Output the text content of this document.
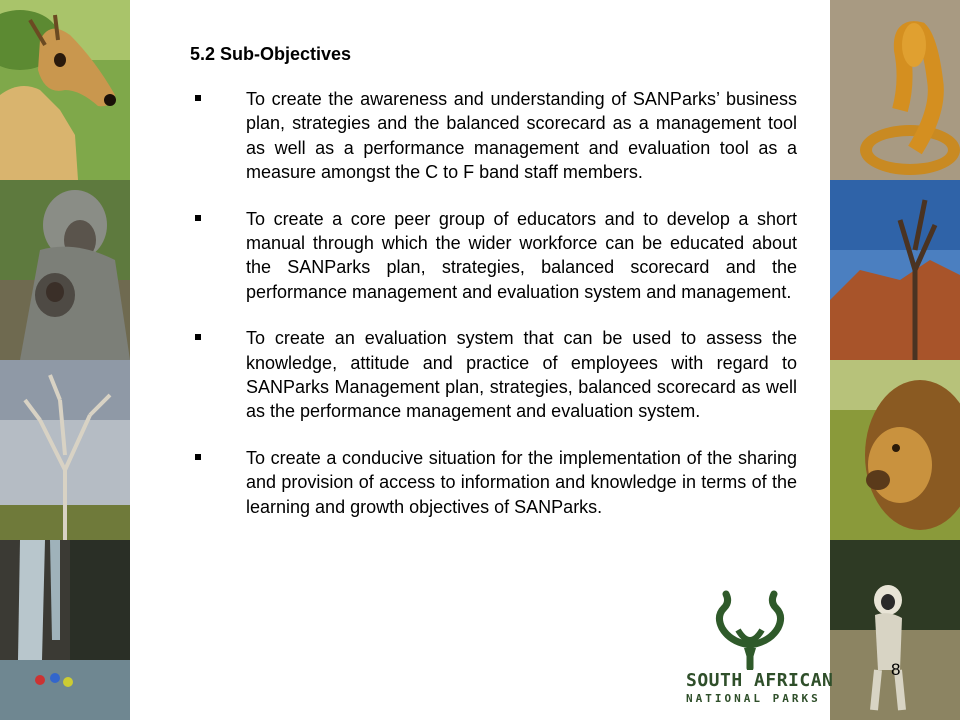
5.2 Sub-Objectives
To create the awareness and understanding of SANParks’ business plan, strategies and the balanced scorecard as a management tool as well as a performance management and evaluation tool as a measure amongst the C to F band staff members.
To create a core peer group of educators and to develop a short manual through which the wider workforce can be educated about the SANParks plan, strategies, balanced scorecard and the performance management and evaluation system and management.
To create an evaluation system that can be used to assess the knowledge, attitude and practice of employees with regard to SANParks Management plan, strategies, balanced scorecard as well as the performance management and evaluation system.
To create a conducive situation for the implementation of the sharing and provision of access to information and knowledge in terms of the learning and growth objectives of SANParks.
SOUTH AFRICAN
NATIONAL PARKS
8
